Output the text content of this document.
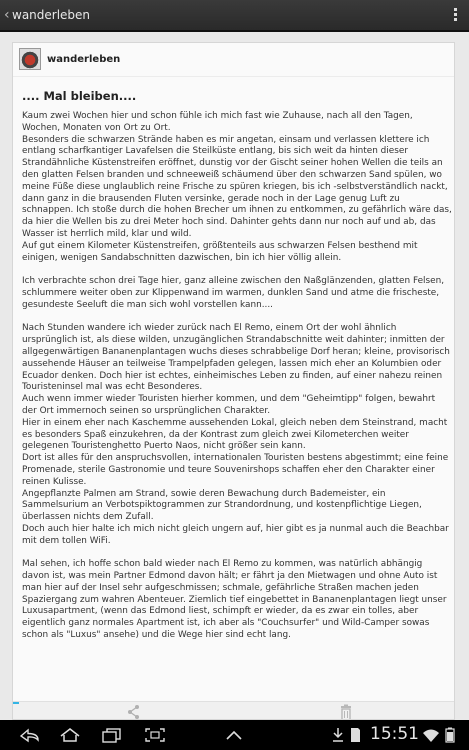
‹ wanderleben
wanderleben
.... Mal bleiben....

Kaum zwei Wochen hier und schon fühle ich mich fast wie Zuhause, nach all den Tagen, Wochen, Monaten von Ort zu Ort.

Besonders die schwarzen Strände haben es mir angetan, einsam und verlassen klettere ich entlang scharfkantiger Lavafelsen die Steilküste entlang, bis sich weit da hinten dieser Strandähnliche Küstenstreifen eröffnet, dunstig vor der Gischt seiner hohen Wellen die teils an den glatten Felsen branden und schneeweiß schäumend über den schwarzen Sand spülen, wo meine Füße diese unglaublich reine Frische zu spüren kriegen, bis ich -selbstverständlich nackt, dann ganz in die brausenden Fluten versinke, gerade noch in der Lage genug Luft zu schnappen. Ich stoße durch die hohen Brecher um ihnen zu entkommen, zu gefährlich wäre das, da hier die Wellen bis zu drei Meter hoch sind. Dahinter gehts dann nur noch auf und ab, das Wasser ist herrlich mild, klar und wild.

Auf gut einem Kilometer Küstenstreifen, größtenteils aus schwarzen Felsen besthend mit einigen, wenigen Sandabschnitten dazwischen, bin ich hier völlig allein.

Ich verbrachte schon drei Tage hier, ganz alleine zwischen den Naßglänzenden, glatten Felsen, schlummere weiter oben zur Klippenwand im warmen, dunklen Sand und atme die frischeste, gesundeste Seeluft die man sich wohl vorstellen kann....

Nach Stunden wandere ich wieder zurück nach El Remo, einem Ort der wohl ähnlich ursprünglich ist, als diese wilden, unzugänglichen Strandabschnitte weit dahinter; inmitten der allgegenwärtigen Bananenplantagen wuchs dieses schrabbelige Dorf heran; kleine, provisorisch aussehende Häuser an teilweise Trampelpfaden gelegen, lassen mich eher an Kolumbien oder Ecuador denken. Doch hier ist echtes, einheimisches Leben zu finden, auf einer nahezu reinen Touristeninsel mal was echt Besonderes.

Auch wenn immer wieder Touristen hierher kommen, und dem "Geheimtipp" folgen, bewahrt der Ort immernoch seinen so ursprünglichen Charakter.

Hier in einem eher nach Kaschemme aussehenden Lokal, gleich neben dem Steinstrand, macht es besonders Spaß einzukehren, da der Kontrast zum gleich zwei Kilometerchen weiter gelegenen Touristenghetto Puerto Naos, nicht größer sein kann.

Dort ist alles für den anspruchsvollen, internationalen Touristen bestens abgestimmt; eine feine Promenade, sterile Gastronomie und teure Souvenirshops schaffen eher den Charakter einer reinen Kulisse.

Angepflanzte Palmen am Strand, sowie deren Bewachung durch Bademeister, ein Sammelsurium an Verbotspiktogrammen zur Strandordnung, und kostenpflichtige Liegen, überlassen nichts dem Zufall.

Doch auch hier halte ich mich nicht gleich ungern auf, hier gibt es ja nunmal auch die Beachbar mit dem tollen WiFi.

Mal sehen, ich hoffe schon bald wieder nach El Remo zu kommen, was natürlich abhängig davon ist, was mein Partner Edmond davon hält; er fährt ja den Mietwagen und ohne Auto ist man hier auf der Insel sehr aufgeschmissen; schmale, gefährliche Straßen machen jeden Spaziergang zum wahren Abenteuer. Ziemlich tief eingebettet in Bananenplantagen liegt unser Luxusapartment, (wenn das Edmond liest, schimpft er wieder, da es zwar ein tolles, aber eigentlich ganz normales Apartment ist, ich aber als "Couchsurfer" und Wild-Camper sowas schon als "Luxus" ansehe) und die Wege hier sind echt lang.

15:51
